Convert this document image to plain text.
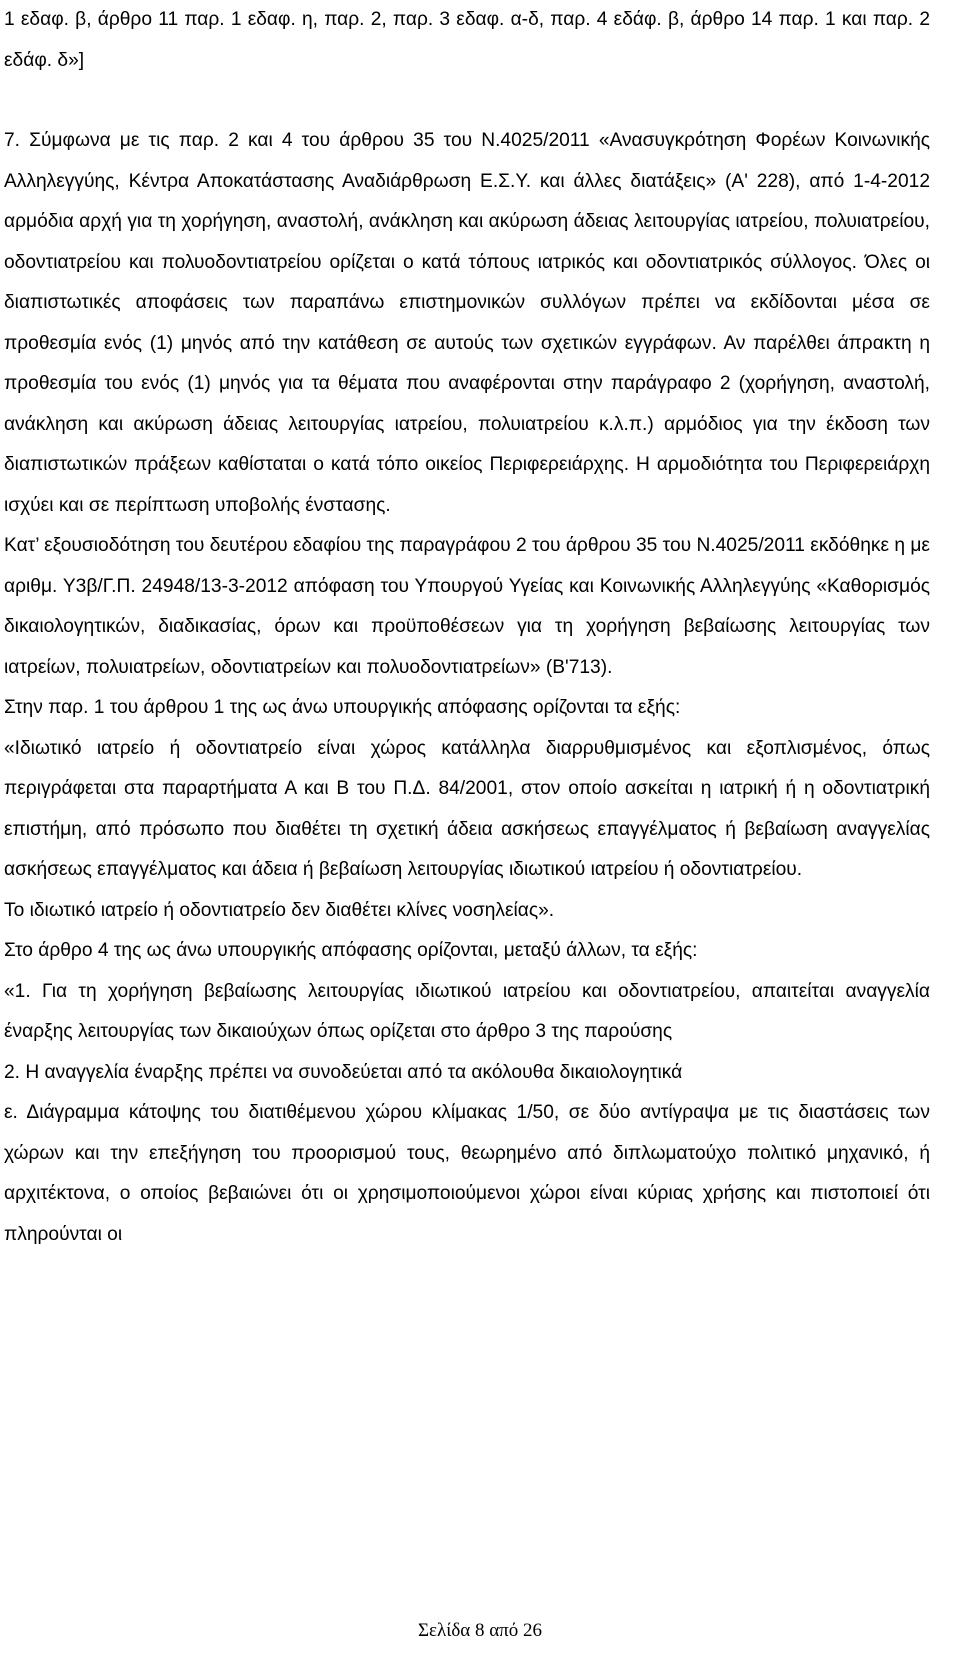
1 εδαφ. β, άρθρο 11 παρ. 1 εδαφ. η, παρ. 2, παρ. 3 εδαφ. α-δ, παρ. 4 εδάφ. β, άρθρο 14 παρ. 1 και παρ. 2 εδάφ. δ»]

7. Σύμφωνα με τις παρ. 2 και 4 του άρθρου 35 του Ν.4025/2011 «Ανασυγκρότηση Φορέων Κοινωνικής Αλληλεγγύης, Κέντρα Αποκατάστασης Αναδιάρθρωση Ε.Σ.Υ. και άλλες διατάξεις» (Α' 228), από 1-4-2012 αρμόδια αρχή για τη χορήγηση, αναστολή, ανάκληση και ακύρωση άδειας λειτουργίας ιατρείου, πολυιατρείου, οδοντιατρείου και πολυοδοντιατρείου ορίζεται ο κατά τόπους ιατρικός και οδοντιατρικός σύλλογος. Όλες οι διαπιστωτικές αποφάσεις των παραπάνω επιστημονικών συλλόγων πρέπει να εκδίδονται μέσα σε προθεσμία ενός (1) μηνός από την κατάθεση σε αυτούς των σχετικών εγγράφων. Αν παρέλθει άπρακτη η προθεσμία του ενός (1) μηνός για τα θέματα που αναφέρονται στην παράγραφο 2 (χορήγηση, αναστολή, ανάκληση και ακύρωση άδειας λειτουργίας ιατρείου, πολυιατρείου κ.λ.π.) αρμόδιος για την έκδοση των διαπιστωτικών πράξεων καθίσταται ο κατά τόπο οικείος Περιφερειάρχης. Η αρμοδιότητα του Περιφερειάρχη ισχύει και σε περίπτωση υποβολής ένστασης.

Κατ’ εξουσιοδότηση του δευτέρου εδαφίου της παραγράφου 2 του άρθρου 35 του Ν.4025/2011 εκδόθηκε η με αριθμ. Υ3β/Γ.Π. 24948/13-3-2012 απόφαση του Υπουργού Υγείας και Κοινωνικής Αλληλεγγύης «Καθορισμός δικαιολογητικών, διαδικασίας, όρων και προϋποθέσεων για τη χορήγηση βεβαίωσης λειτουργίας των ιατρείων, πολυιατρείων, οδοντιατρείων και πολυοδοντιατρείων» (Β'713).

Στην παρ. 1 του άρθρου 1 της ως άνω υπουργικής απόφασης ορίζονται τα εξής:

«Ιδιωτικό ιατρείο ή οδοντιατρείο είναι χώρος κατάλληλα διαρρυθμισμένος και εξοπλισμένος, όπως περιγράφεται στα παραρτήματα Α και Β του Π.Δ. 84/2001, στον οποίο ασκείται η ιατρική ή η οδοντιατρική επιστήμη, από πρόσωπο που διαθέτει τη σχετική άδεια ασκήσεως επαγγέλματος ή βεβαίωση αναγγελίας ασκήσεως επαγγέλματος και άδεια ή βεβαίωση λειτουργίας ιδιωτικού ιατρείου ή οδοντιατρείου.

Το ιδιωτικό ιατρείο ή οδοντιατρείο δεν διαθέτει κλίνες νοσηλείας».

Στο άρθρο 4 της ως άνω υπουργικής απόφασης ορίζονται, μεταξύ άλλων, τα εξής:

«1. Για τη χορήγηση βεβαίωσης λειτουργίας ιδιωτικού ιατρείου και οδοντιατρείου, απαιτείται αναγγελία έναρξης λειτουργίας των δικαιούχων όπως ορίζεται στο άρθρο 3 της παρούσης

2. Η αναγγελία έναρξης πρέπει να συνοδεύεται από τα ακόλουθα δικαιολογητικά

ε. Διάγραμμα κάτοψης του διατιθέμενου χώρου κλίμακας 1/50, σε δύο αντίγραψα με τις διαστάσεις των χώρων και την επεξήγηση του προορισμού τους, θεωρημένο από διπλωματούχο πολιτικό μηχανικό, ή αρχιτέκτονα, ο οποίος βεβαιώνει ότι οι χρησιμοποιούμενοι χώροι είναι κύριας χρήσης και πιστοποιεί ότι πληρούνται οι

Σελίδα 8 από 26
